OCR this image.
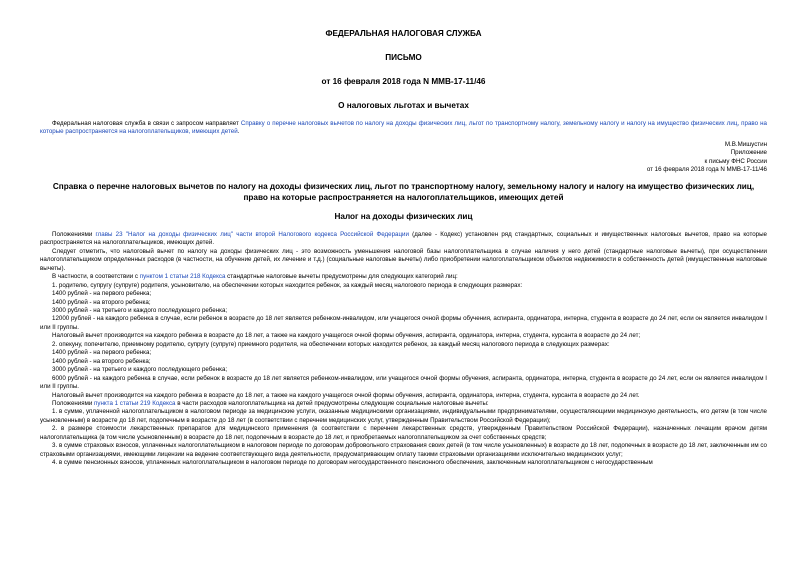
ФЕДЕРАЛЬНАЯ НАЛОГОВАЯ СЛУЖБА
ПИСЬМО
от 16 февраля 2018 года N ММВ-17-11/46
О налоговых льготах и вычетах

Федеральная налоговая служба в связи с запросом направляет Справку о перечне налоговых вычетов по налогу на доходы физических лиц, льгот по транспортному налогу, земельному налогу и налогу на имущество физических лиц, право на которые распространяется на налогоплательщиков, имеющих детей.

М.В.Мишустин
Приложение
к письму ФНС России
от 16 февраля 2018 года N ММВ-17-11/46
Справка о перечне налоговых вычетов по налогу на доходы физических лиц, льгот по транспортному налогу, земельному налогу и налогу на имущество физических лиц, право на которые распространяется на налогоплательщиков, имеющих детей
Налог на доходы физических лиц

Положениями главы 23 "Налог на доходы физических лиц" части второй Налогового кодекса Российской Федерации (далее - Кодекс) установлен ряд стандартных, социальных и имущественных налоговых вычетов, право на которые распространяется на налогоплательщиков, имеющих детей.

Следует отметить, что налоговый вычет по налогу на доходы физических лиц - это возможность уменьшения налоговой базы налогоплательщика в случае наличия у него детей (стандартные налоговые вычеты), при осуществлении налогоплательщиком определенных расходов (в частности, на обучение детей, их лечение и т.д.) (социальные налоговые вычеты) либо приобретении налогоплательщиком объектов недвижимости в собственность детей (имущественные налоговые вычеты).

В частности, в соответствии с пунктом 1 статьи 218 Кодекса стандартные налоговые вычеты предусмотрены для следующих категорий лиц:

1. родителю, супругу (супруге) родителя, усыновителю, на обеспечении которых находится ребенок, за каждый месяц налогового периода в следующих размерах:

1400 рублей - на первого ребенка;

1400 рублей - на второго ребенка;

3000 рублей - на третьего и каждого последующего ребенка;

12000 рублей - на каждого ребенка в случае, если ребенок в возрасте до 18 лет является ребенком-инвалидом, или учащегося очной формы обучения, аспиранта, ординатора, интерна, студента в возрасте до 24 лет, если он является инвалидом I или II группы.

Налоговый вычет производится на каждого ребенка в возрасте до 18 лет, а также на каждого учащегося очной формы обучения, аспиранта, ординатора, интерна, студента, курсанта в возрасте до 24 лет;

2. опекуну, попечителю, приемному родителю, супругу (супруге) приемного родителя, на обеспечении которых находится ребенок, за каждый месяц налогового периода в следующих размерах:

1400 рублей - на первого ребенка;

1400 рублей - на второго ребенка;

3000 рублей - на третьего и каждого последующего ребенка;

6000 рублей - на каждого ребенка в случае, если ребенок в возрасте до 18 лет является ребенком-инвалидом, или учащегося очной формы обучения, аспиранта, ординатора, интерна, студента в возрасте до 24 лет, если он является инвалидом I или II группы.

Налоговый вычет производится на каждого ребенка в возрасте до 18 лет, а также на каждого учащегося очной формы обучения, аспиранта, ординатора, интерна, студента, курсанта в возрасте до 24 лет.

Положениями пункта 1 статьи 219 Кодекса в части расходов налогоплательщика на детей предусмотрены следующие социальные налоговые вычеты:

1. в сумме, уплаченной налогоплательщиком в налоговом периоде за медицинские услуги, оказанные медицинскими организациями, индивидуальными предпринимателями, осуществляющими медицинскую деятельность, его детям (в том числе усыновленным) в возрасте до 18 лет, подопечным в возрасте до 18 лет (в соответствии с перечнем медицинских услуг, утвержденным Правительством Российской Федерации);

2. в размере стоимости лекарственных препаратов для медицинского применения (в соответствии с перечнем лекарственных средств, утвержденным Правительством Российской Федерации), назначенных лечащим врачом детям налогоплательщика (в том числе усыновленным) в возрасте до 18 лет, подопечным в возрасте до 18 лет, и приобретаемых налогоплательщиком за счет собственных средств;

3. в сумме страховых взносов, уплаченных налогоплательщиком в налоговом периоде по договорам добровольного страхования своих детей (в том числе усыновленных) в возрасте до 18 лет, подопечных в возрасте до 18 лет, заключенным им со страховыми организациями, имеющими лицензии на ведение соответствующего вида деятельности, предусматривающим оплату такими страховыми организациями исключительно медицинских услуг;

4. в сумме пенсионных взносов, уплаченных налогоплательщиком в налоговом периоде по договорам негосударственного пенсионного обеспечения, заключенным налогоплательщиком с негосударственным
